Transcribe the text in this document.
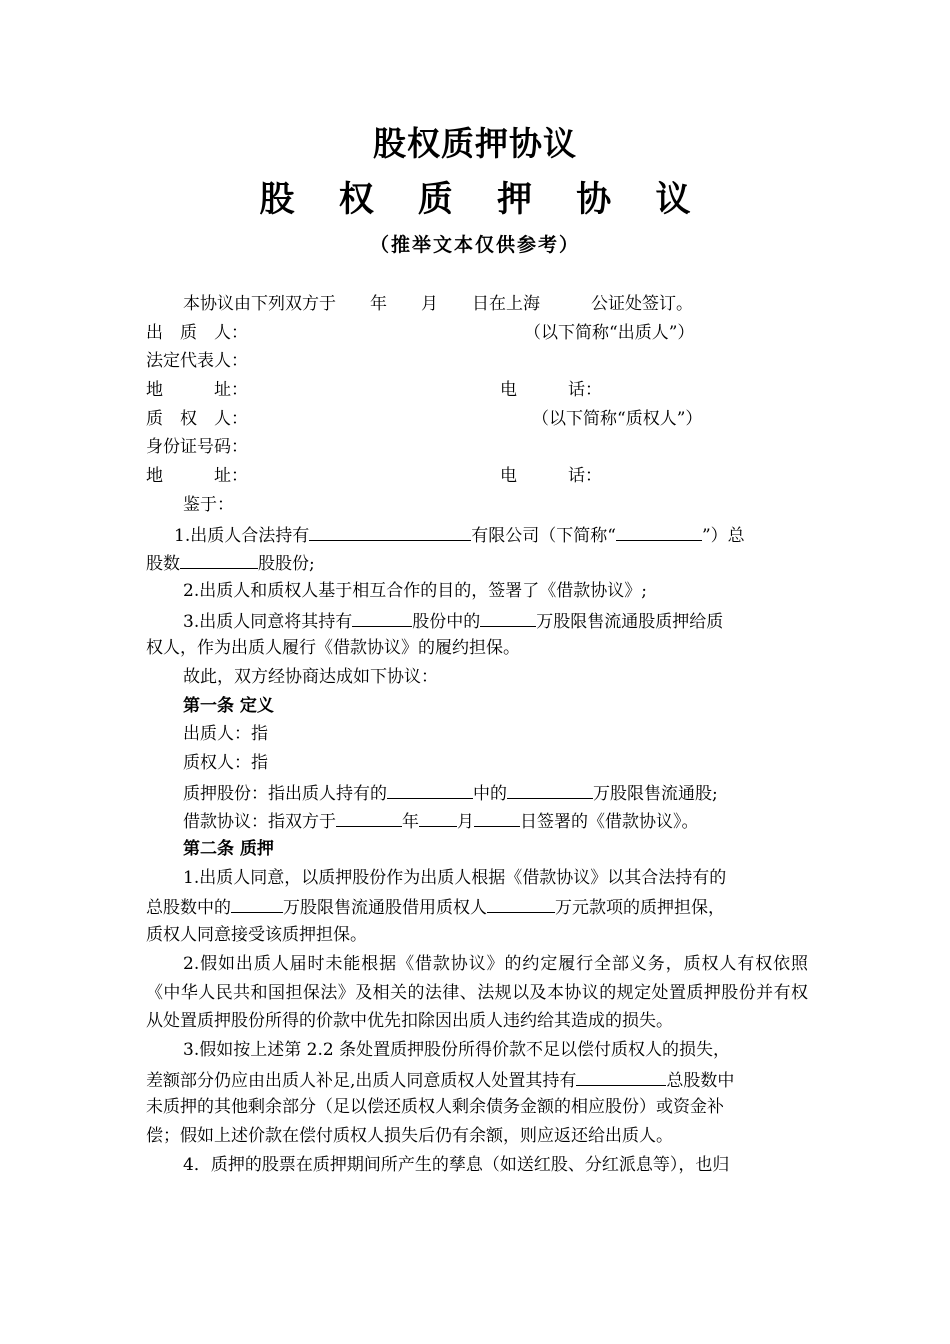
股权质押协议
股 权 质 押 协 议
（推举文本仅供参考）
本协议由下列双方于　　年　　月　　日在上海　　　公证处签订。
出　质　人：	（以下简称“出质人”）
法定代表人：
地　　　址：	电　　　话：
质　权　人：	（以下简称“质权人”）
身份证号码：
地　　　址：	电　　　话：
鉴于：
1.出质人合法持有	有限公司（下简称“	”）总
股数	股股份;
2.出质人和质权人基于相互合作的目的，签署了《借款协议》;
3.出质人同意将其持有	股份中的	万股限售流通股质押给质
权人，作为出质人履行《借款协议》的履约担保。
故此，双方经协商达成如下协议：
第一条 定义
出质人：指
质权人：指
质押股份：指出质人持有的	中的	万股限售流通股;
借款协议：指双方于	年 月	日签署的《借款协议》。
第二条 质押
1.出质人同意，以质押股份作为出质人根据《借款协议》以其合法持有的
总股数中的	万股限售流通股借用质权人	万元款项的质押担保，
质权人同意接受该质押担保。
2.假如出质人届时未能根据《借款协议》的约定履行全部义务，质权人有权依照《中华人民共和国担保法》及相关的法律、法规以及本协议的规定处置质押股份并有权从处置质押股份所得的价款中优先扣除因出质人违约给其造成的损失。
3.假如按上述第 2.2 条处置质押股份所得价款不足以偿付质权人的损失，
差额部分仍应由出质人补足,出质人同意质权人处置其持有	总股数中
未质押的其他剩余部分（足以偿还质权人剩余债务金额的相应股份）或资金补
偿；假如上述价款在偿付质权人损失后仍有余额，则应返还给出质人。
4．质押的股票在质押期间所产生的孳息（如送红股、分红派息等），也归
